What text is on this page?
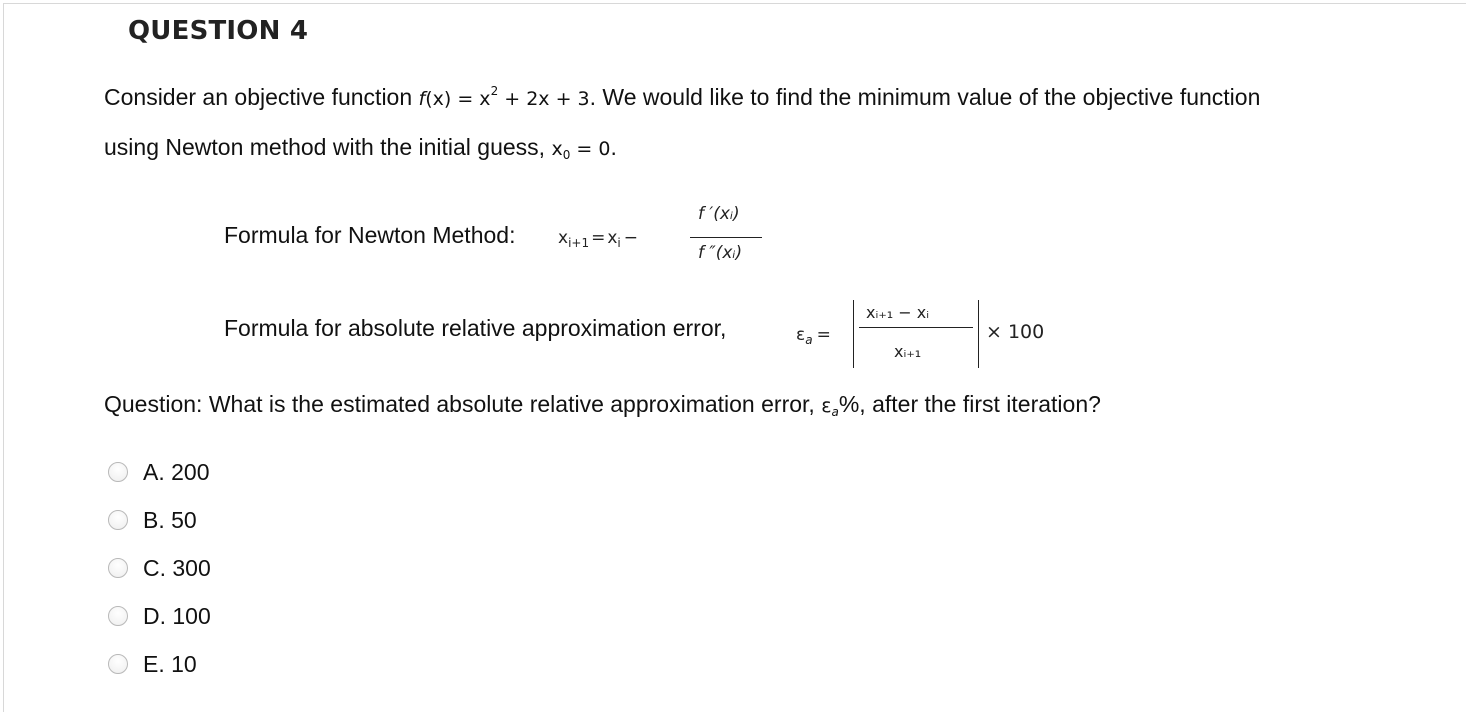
QUESTION 4
Consider an objective function $f(x) = x^2 + 2x + 3$. We would like to find the minimum value of the objective function
using Newton method with the initial guess, $x_0 = 0$.
Formula for Newton Method:	$x_{i+1} = x_i$ −
f ′(xᵢ)
f ″(xᵢ)
Formula for absolute relative approximation error,	$\varepsilon_a$ =
xᵢ₊₁ − xᵢ
xᵢ₊₁
× 100
Question: What is the estimated absolute relative approximation error, $\varepsilon_a\%$, after the first iteration?
A. 200
B. 50
C. 300
D. 100
E. 10
